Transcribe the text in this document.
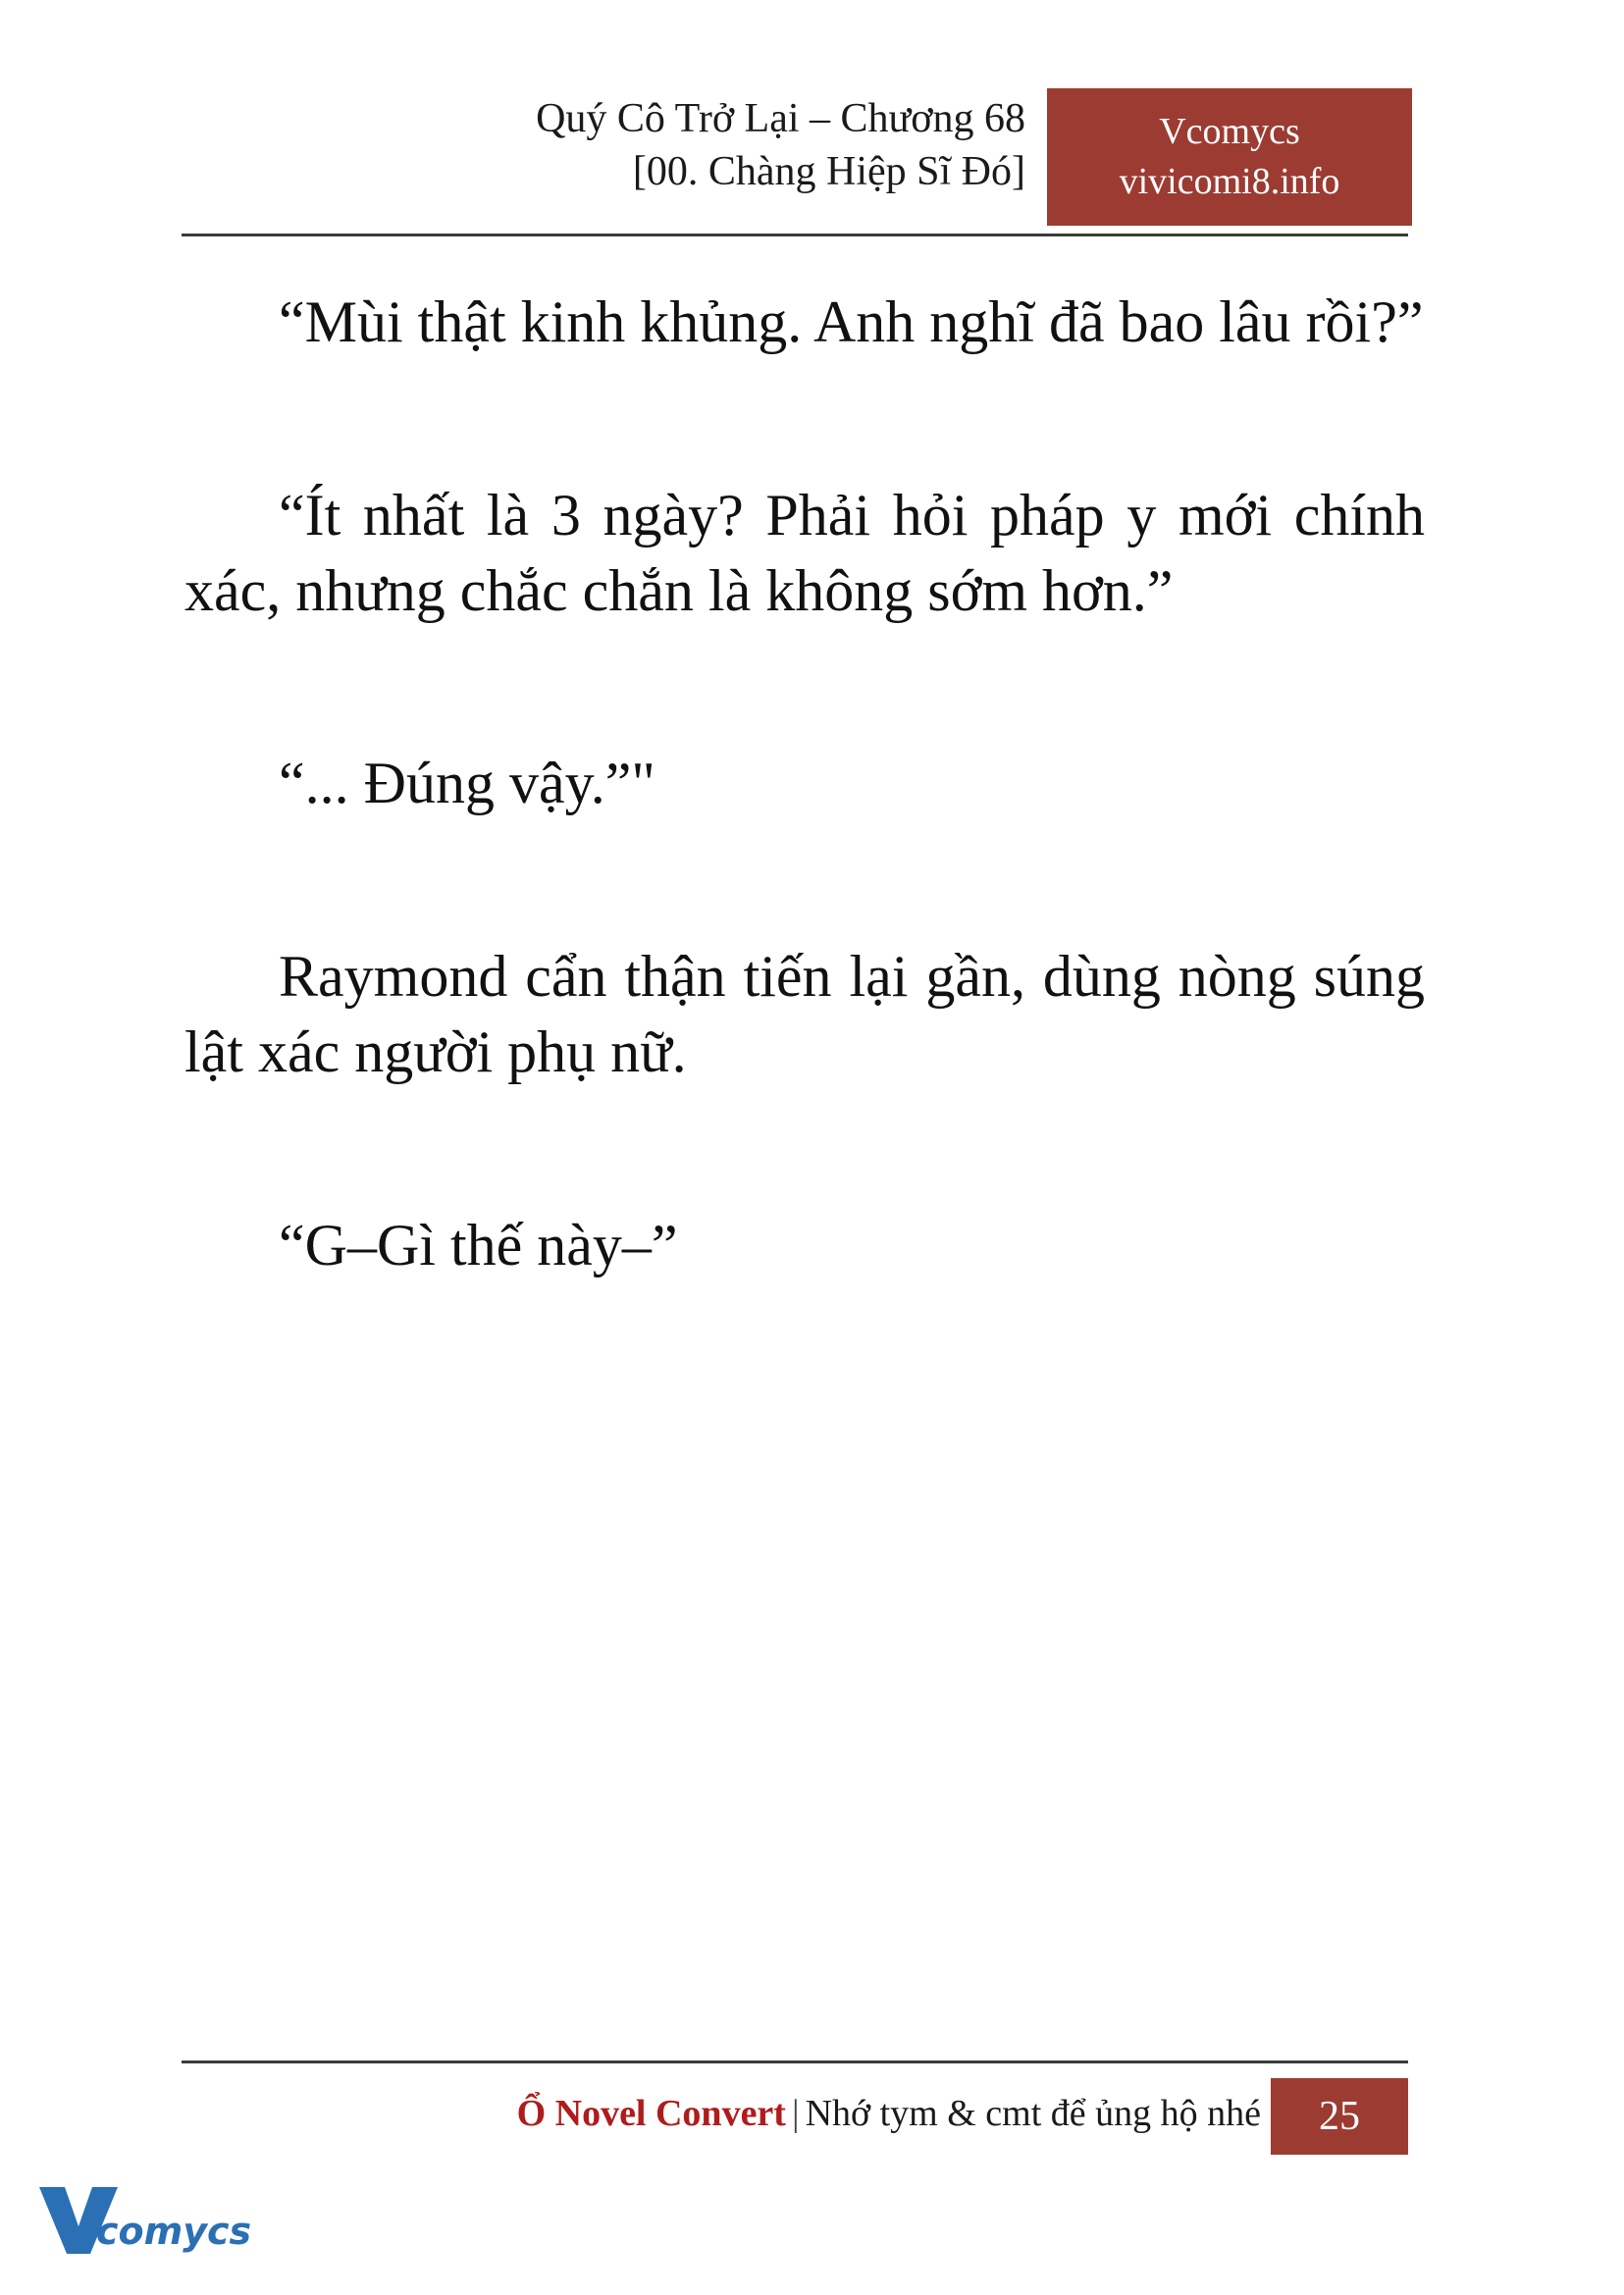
Quý Cô Trở Lại – Chương 68
[00. Chàng Hiệp Sĩ Đó]
Vcomycs
vivicomi8.info

“Mùi thật kinh khủng. Anh nghĩ đã bao lâu rồi?”

“Ít nhất là 3 ngày? Phải hỏi pháp y mới chính xác, nhưng chắc chắn là không sớm hơn.”

“... Đúng vậy.”"

Raymond cẩn thận tiến lại gần, dùng nòng súng lật xác người phụ nữ.

“G–Gì thế này–”

Ổ Novel Convert | Nhớ tym & cmt để ủng hộ nhé	25
comycs
